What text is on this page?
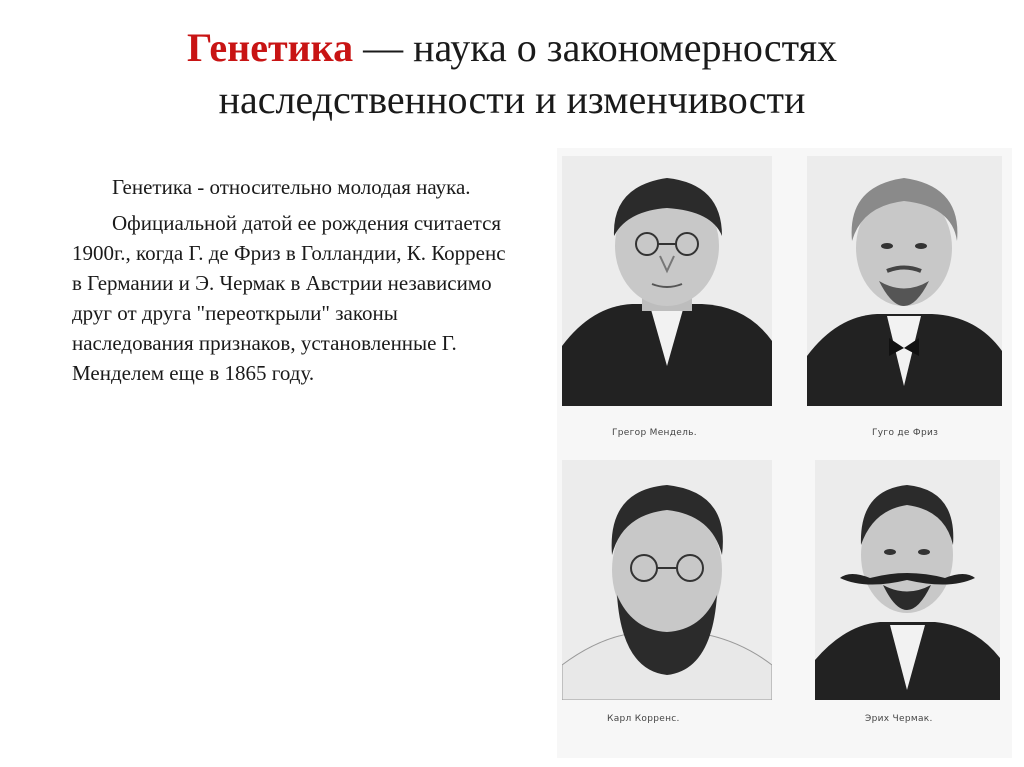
Генетика — наука о закономерностях
наследственности и изменчивости

Генетика - относительно молодая наука.

Официальной датой ее рождения считается 1900г., когда Г. де Фриз в Голландии, К. Корренс в Германии и Э. Чермак в Австрии независимо друг от друга "переоткрыли" законы наследования признаков, установленные Г. Менделем еще в 1865 году.

Грегор Мендель.	Гуго де Фриз
Карл Корренс.	Эрих Чермак.
